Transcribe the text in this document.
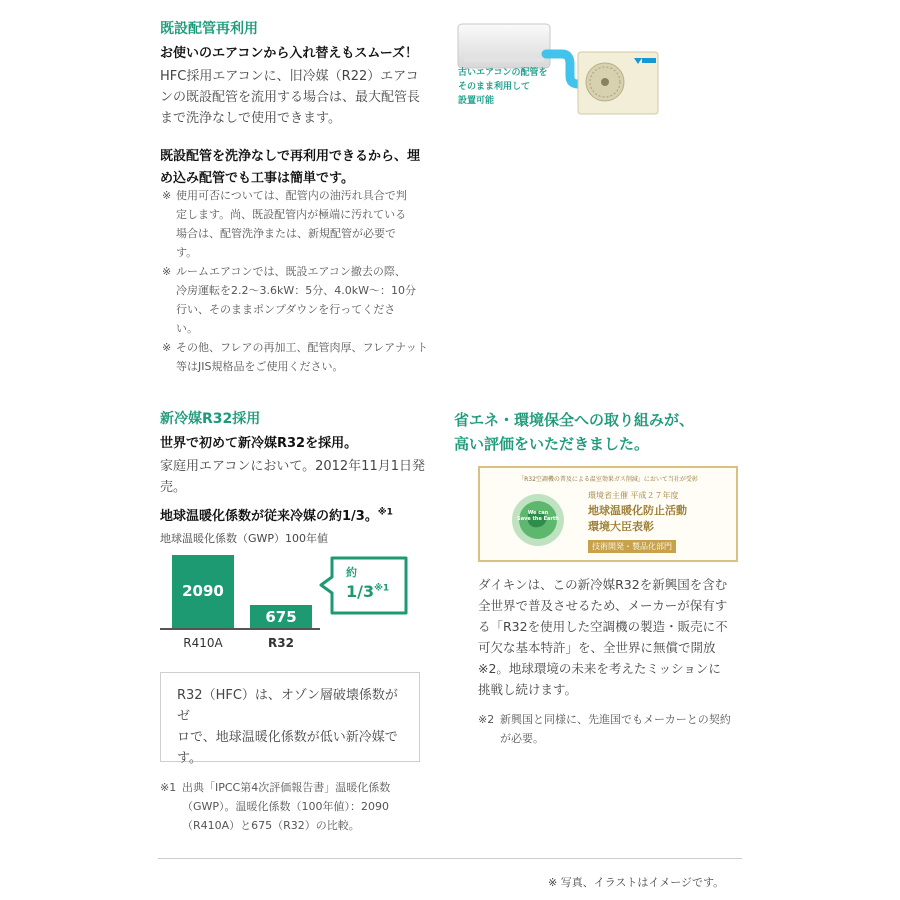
既設配管再利用
お使いのエアコンから入れ替えもスムーズ！
HFC採用エアコンに、旧冷媒（R22）エアコ
ンの既設配管を流用する場合は、最大配管長
まで洗浄なしで使用できます。
既設配管を洗浄なしで再利用できるから、埋
め込み配管でも工事は簡単です。
※ 使用可否については、配管内の油汚れ具合で判
定します。尚、既設配管内が極端に汚れている
場合は、配管洗浄または、新規配管が必要で
す。
※ ルームエアコンでは、既設エアコン撤去の際、
冷房運転を2.2～3.6kW：5分、4.0kW～：10分
行い、そのままポンプダウンを行ってくださ
い。
※ その他、フレアの再加工、配管肉厚、フレアナット
等はJIS規格品をご使用ください。
古いエアコンの配管を
そのまま利用して
設置可能
新冷媒R32採用
世界で初めて新冷媒R32を採用。
家庭用エアコンにおいて。2012年11月1日発
売。
地球温暖化係数が従来冷媒の約1/3。$^{※1}$
地球温暖化係数（GWP）100年値
2090
R410A
675
R32
約
1/3$^{※1}$
R32（HFC）は、オゾン層破壊係数がゼ
ロで、地球温暖化係数が低い新冷媒で
す。
※1 出典「IPCC第4次評価報告書」温暖化係数
（GWP）。温暖化係数（100年値）：2090
（R410A）と675（R32）の比較。
省エネ・環境保全への取り組みが、
高い評価をいただきました。
「R32空調機の普及による温室効果ガス削減」において当社が受彰
We can
Save the Earth
環境省主催 平成２７年度
地球温暖化防止活動
環境大臣表彰
技術開発・製品化部門
ダイキンは、この新冷媒R32を新興国を含む
全世界で普及させるため、メーカーが保有す
る「R32を使用した空調機の製造・販売に不
可欠な基本特許」を、全世界に無償で開放
※2。地球環境の未来を考えたミッションに
挑戦し続けます。
※2 新興国と同様に、先進国でもメーカーとの契約
が必要。
※ 写真、イラストはイメージです。
